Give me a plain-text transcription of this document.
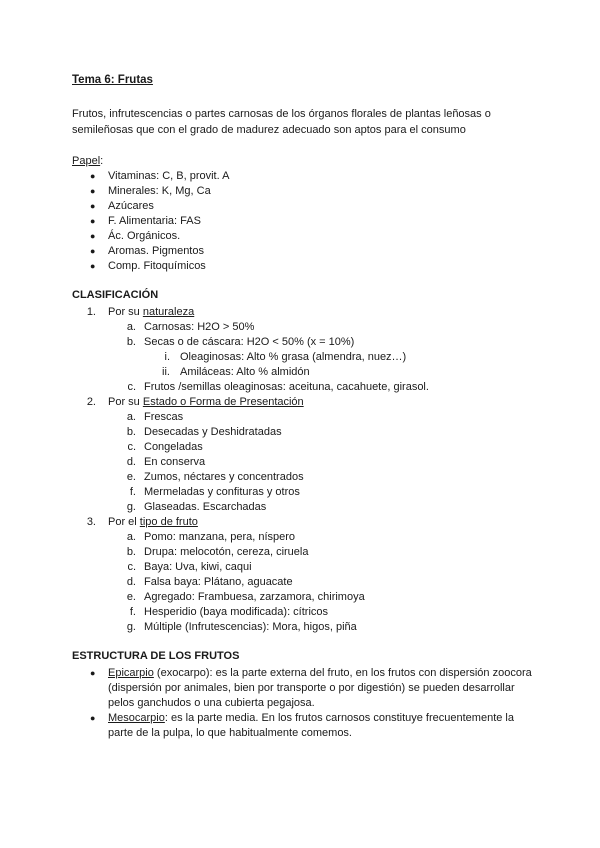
Tema 6: Frutas
Frutos, infrutescencias o partes carnosas de los órganos florales de plantas leñosas o semileñosas que con el grado de madurez adecuado son aptos para el consumo
Papel:
● Vitaminas: C, B, provit. A
● Minerales: K, Mg, Ca
● Azúcares
● F. Alimentaria: FAS
● Ác. Orgánicos.
● Aromas. Pigmentos
● Comp. Fitoquímicos
CLASIFICACIÓN
1. Por su naturaleza
a. Carnosas: H2O > 50%
b. Secas o de cáscara: H2O < 50% (x = 10%)
i. Oleaginosas: Alto % grasa (almendra, nuez…)
ii. Amiláceas: Alto % almidón
c. Frutos /semillas oleaginosas: aceituna, cacahuete, girasol.
2. Por su Estado o Forma de Presentación
a. Frescas
b. Desecadas y Deshidratadas
c. Congeladas
d. En conserva
e. Zumos, néctares y concentrados
f. Mermeladas y confituras y otros
g. Glaseadas. Escarchadas
3. Por el tipo de fruto
a. Pomo: manzana, pera, níspero
b. Drupa: melocotón, cereza, ciruela
c. Baya: Uva, kiwi, caqui
d. Falsa baya: Plátano, aguacate
e. Agregado: Frambuesa, zarzamora, chirimoya
f. Hesperidio (baya modificada): cítricos
g. Múltiple (Infrutescencias): Mora, higos, piña
ESTRUCTURA DE LOS FRUTOS
● Epicarpio (exocarpo): es la parte externa del fruto, en los frutos con dispersión zoocora (dispersión por animales, bien por transporte o por digestión) se pueden desarrollar pelos ganchudos o una cubierta pegajosa.
● Mesocarpio: es la parte media. En los frutos carnosos constituye frecuentemente la parte de la pulpa, lo que habitualmente comemos.
